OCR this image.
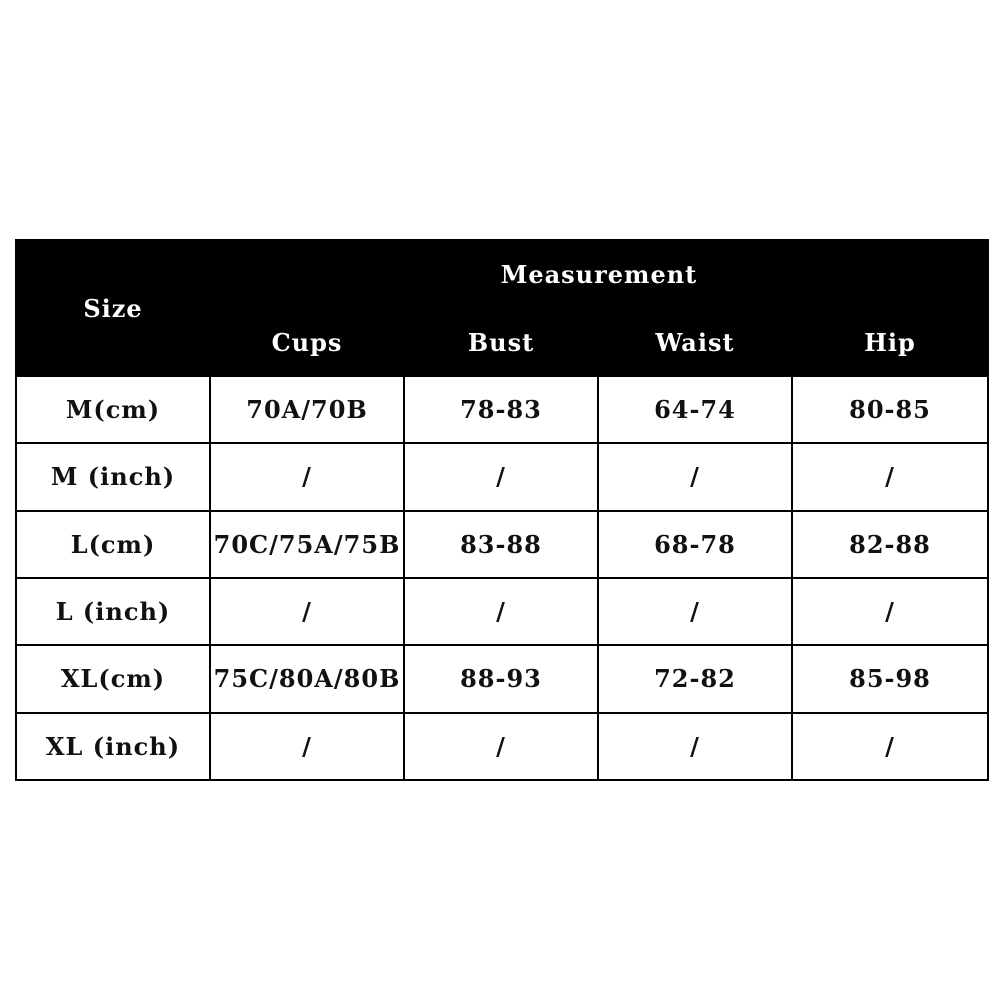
Size	Measurement			
	Cups	Bust	Waist	Hip
M(cm)	70A/70B	78-83	64-74	80-85
M (inch)	/	/	/	/
L(cm)	70C/75A/75B	83-88	68-78	82-88
L (inch)	/	/	/	/
XL(cm)	75C/80A/80B	88-93	72-82	85-98
XL (inch)	/	/	/	/
